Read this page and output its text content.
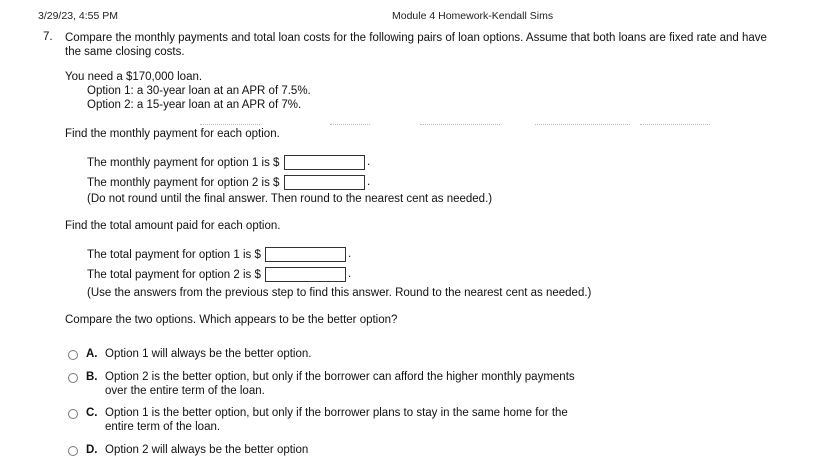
3/29/23, 4:55 PM	Module 4 Homework-Kendall Sims
7. Compare the monthly payments and total loan costs for the following pairs of loan options. Assume that both loans are fixed rate and have the same closing costs.
You need a $170,000 loan.
Option 1: a 30-year loan at an APR of 7.5%.
Option 2: a 15-year loan at an APR of 7%.
Find the monthly payment for each option.
The monthly payment for option 1 is $	.
The monthly payment for option 2 is $	.
(Do not round until the final answer. Then round to the nearest cent as needed.)
Find the total amount paid for each option.
The total payment for option 1 is $	.
The total payment for option 2 is $	.
(Use the answers from the previous step to find this answer. Round to the nearest cent as needed.)
Compare the two options. Which appears to be the better option?
A. Option 1 will always be the better option.
B. Option 2 is the better option, but only if the borrower can afford the higher monthly payments
over the entire term of the loan.
C. Option 1 is the better option, but only if the borrower plans to stay in the same home for the
entire term of the loan.
D. Option 2 will always be the better option
